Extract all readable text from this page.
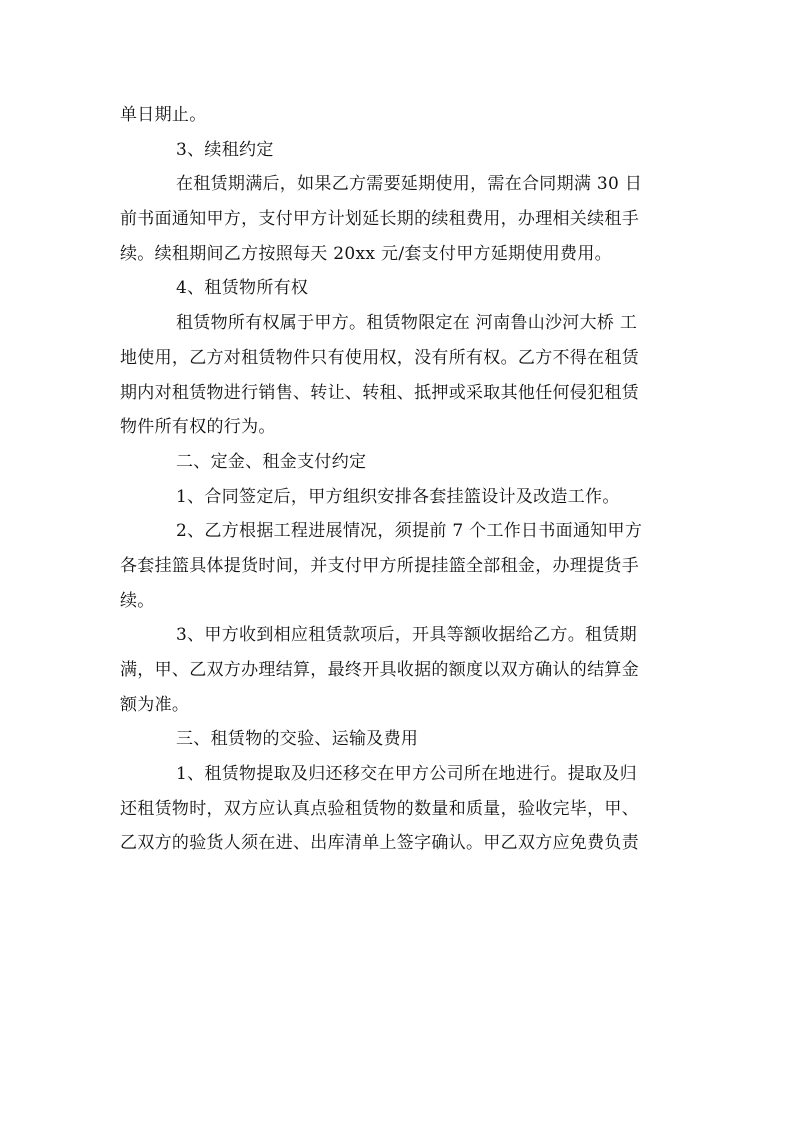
单日期止。
3、续租约定
在租赁期满后，如果乙方需要延期使用，需在合同期满 30 日
前书面通知甲方，支付甲方计划延长期的续租费用，办理相关续租手
续。续租期间乙方按照每天 20xx 元/套支付甲方延期使用费用。
4、租赁物所有权
租赁物所有权属于甲方。租赁物限定在 河南鲁山沙河大桥 工
地使用，乙方对租赁物件只有使用权，没有所有权。乙方不得在租赁
期内对租赁物进行销售、转让、转租、抵押或采取其他任何侵犯租赁
物件所有权的行为。
二、定金、租金支付约定
1、合同签定后，甲方组织安排各套挂篮设计及改造工作。
2、乙方根据工程进展情况，须提前 7 个工作日书面通知甲方
各套挂篮具体提货时间，并支付甲方所提挂篮全部租金，办理提货手
续。
3、甲方收到相应租赁款项后，开具等额收据给乙方。租赁期
满，甲、乙双方办理结算，最终开具收据的额度以双方确认的结算金
额为准。
三、租赁物的交验、运输及费用
1、租赁物提取及归还移交在甲方公司所在地进行。提取及归
还租赁物时，双方应认真点验租赁物的数量和质量，验收完毕，甲、
乙双方的验货人须在进、出库清单上签字确认。甲乙双方应免费负责
